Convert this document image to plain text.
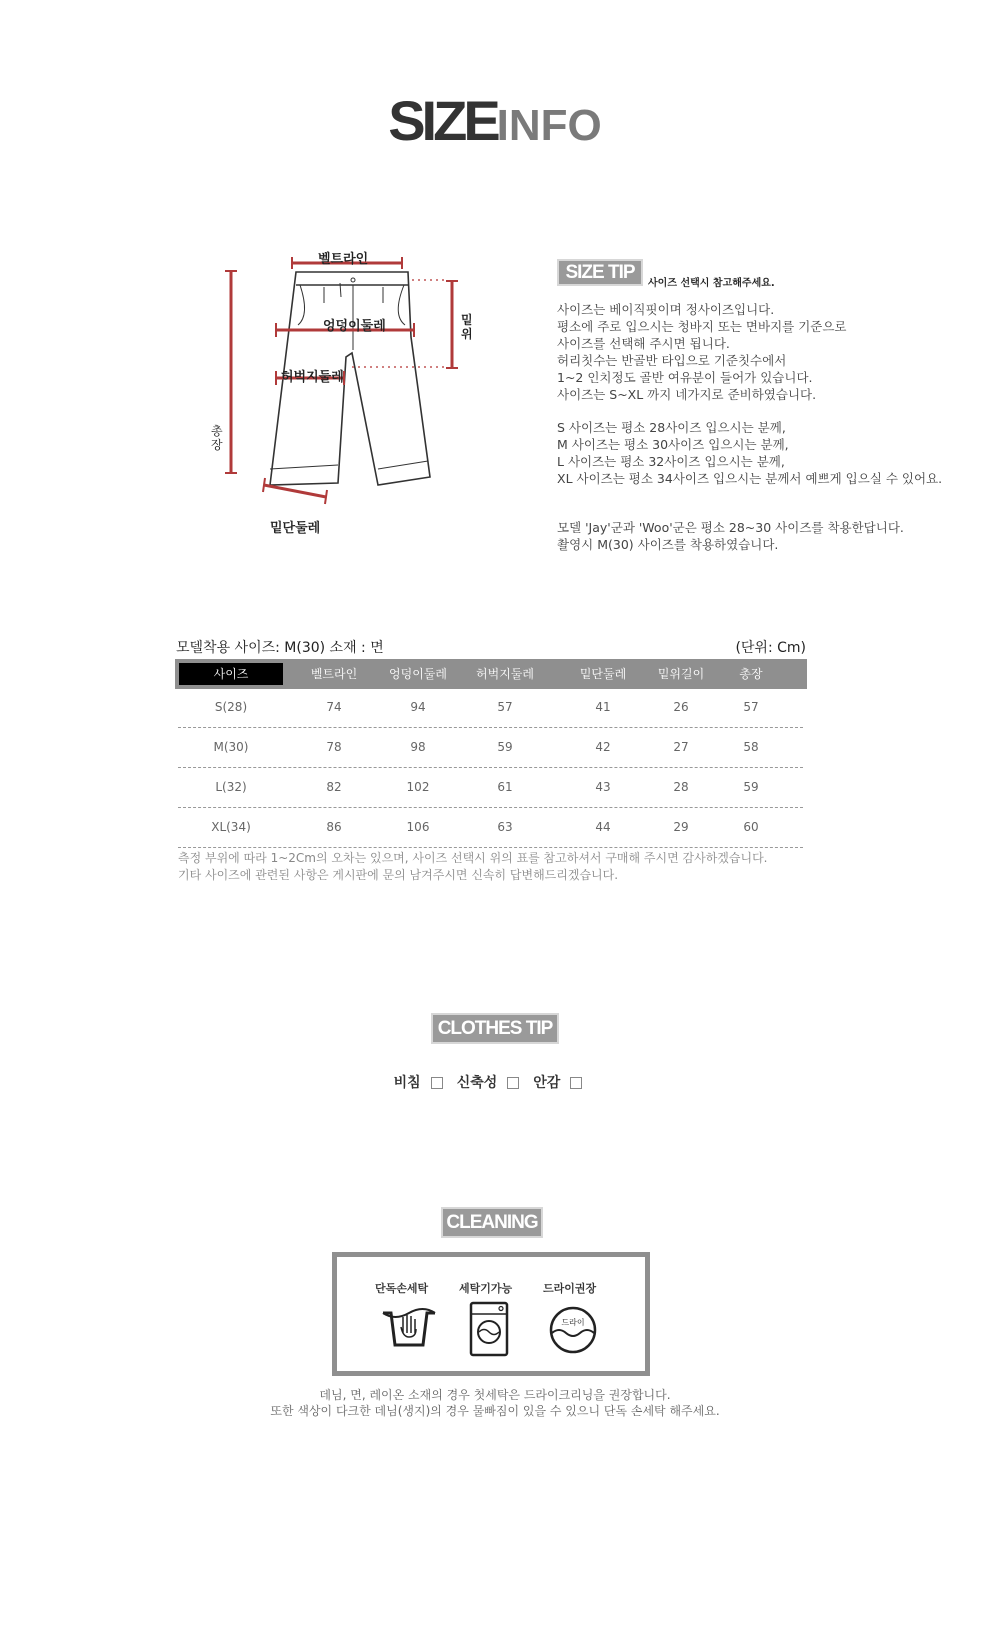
SIZEINFO
벨트라인
엉덩이둘레
허벅지둘레
밑단둘레
밑위
총장
SIZE TIP
사이즈 선택시 참고해주세요.
사이즈는 베이직핏이며 정사이즈입니다.
평소에 주로 입으시는 청바지 또는 면바지를 기준으로
사이즈를 선택해 주시면 됩니다.
허리칫수는 반골반 타입으로 기준칫수에서
1~2 인치정도 골반 여유분이 들어가 있습니다.
사이즈는 S~XL 까지 네가지로 준비하였습니다.
S 사이즈는 평소 28사이즈 입으시는 분께,
M 사이즈는 평소 30사이즈 입으시는 분께,
L 사이즈는 평소 32사이즈 입으시는 분께,
XL 사이즈는 평소 34사이즈 입으시는 분께서 예쁘게 입으실 수 있어요.
모델 'Jay'군과 'Woo'군은 평소 28~30 사이즈를 착용한답니다.
촬영시 M(30) 사이즈를 착용하였습니다.
모델착용 사이즈: M(30) 소재 : 면	(단위: Cm)
사이즈	벨트라인	엉덩이둘레	허벅지둘레	밑단둘레	밑위길이	총장
S(28)	74	94	57	41	26	57
M(30)	78	98	59	42	27	58
L(32)	82	102	61	43	28	59
XL(34)	86	106	63	44	29	60
측정 부위에 따라 1~2Cm의 오차는 있으며, 사이즈 선택시 위의 표를 참고하셔서 구매해 주시면 감사하겠습니다.
기타 사이즈에 관련된 사항은 게시판에 문의 남겨주시면 신속히 답변해드리겠습니다.
CLOTHES TIP
비침	신축성	안감
CLEANING
단독손세탁	세탁기가능	드라이권장
드라이
데님, 면, 레이온 소재의 경우 첫세탁은 드라이크리닝을 권장합니다.
또한 색상이 다크한 데님(생지)의 경우 물빠짐이 있을 수 있으니 단독 손세탁 해주세요.
